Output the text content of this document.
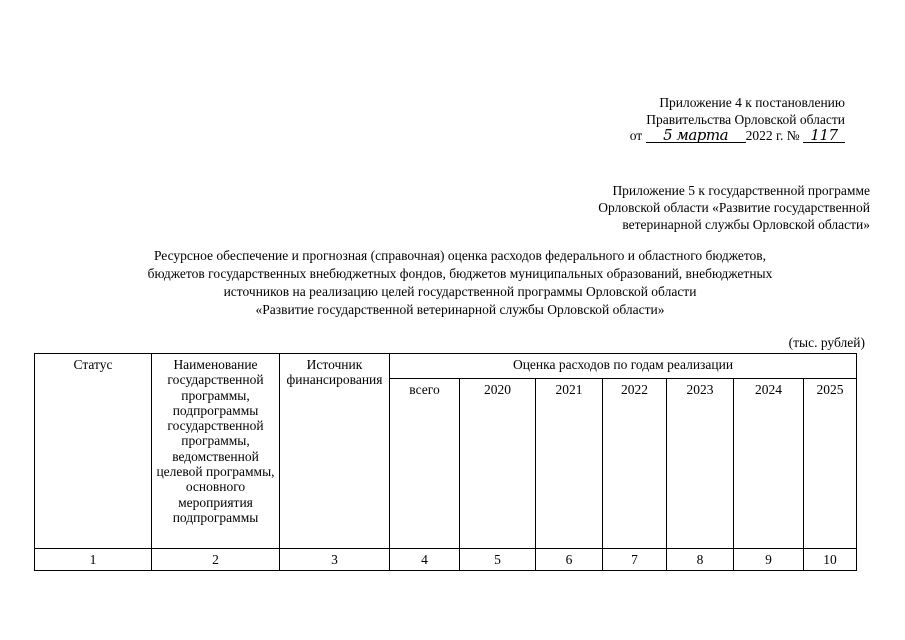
Приложение 4 к постановлению
Правительства Орловской области
от 5 марта 2022 г. № 117
Приложение 5 к государственной программе
Орловской области «Развитие государственной
ветеринарной службы Орловской области»
Ресурсное обеспечение и прогнозная (справочная) оценка расходов федерального и областного бюджетов,
бюджетов государственных внебюджетных фондов, бюджетов муниципальных образований, внебюджетных
источников на реализацию целей государственной программы Орловской области
«Развитие государственной ветеринарной службы Орловской области»
(тыс. рублей)
Статус	Наименование государственной программы, подпрограммы государственной программы, ведомственной целевой программы, основного мероприятия подпрограммы	Источник финансирования	Оценка расходов по годам реализации						
			всего	2020	2021	2022	2023	2024	2025
1	2	3	4	5	6	7	8	9	10
